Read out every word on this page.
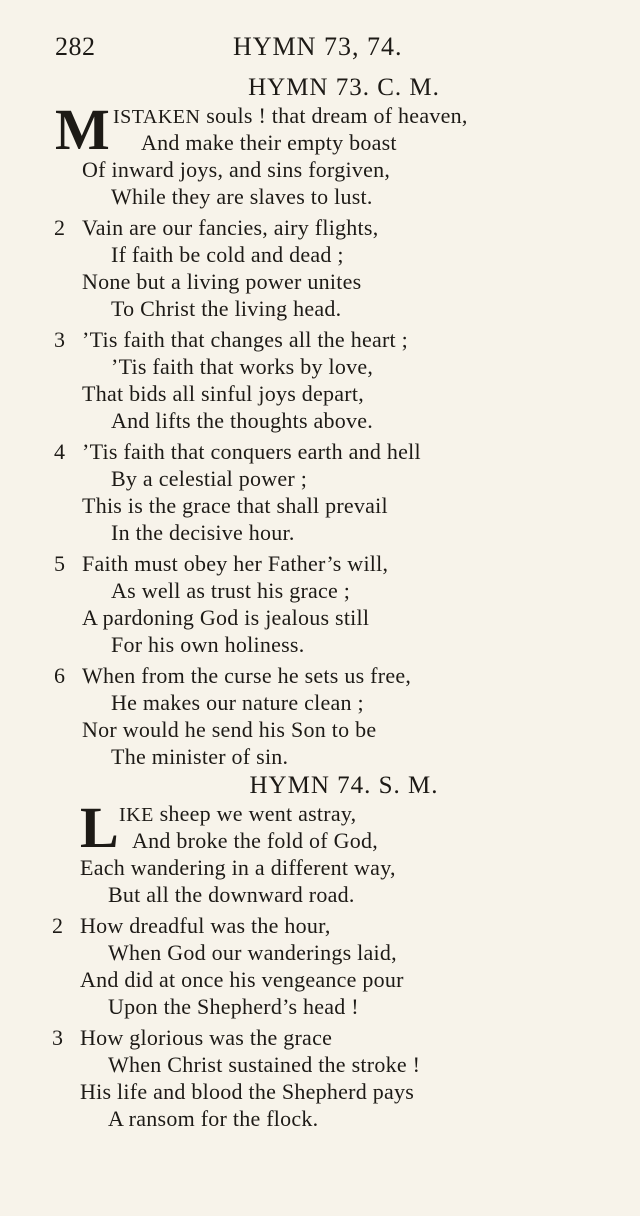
282	HYMN 73, 74.
HYMN 73. C. M.
M ISTAKEN souls ! that dream of heaven,
And make their empty boast
Of inward joys, and sins forgiven,
While they are slaves to lust.
2 Vain are our fancies, airy flights,
If faith be cold and dead ;
None but a living power unites
To Christ the living head.
3 ’Tis faith that changes all the heart ;
’Tis faith that works by love,
That bids all sinful joys depart,
And lifts the thoughts above.
4 ’Tis faith that conquers earth and hell
By a celestial power ;
This is the grace that shall prevail
In the decisive hour.
5 Faith must obey her Father’s will,
As well as trust his grace ;
A pardoning God is jealous still
For his own holiness.
6 When from the curse he sets us free,
He makes our nature clean ;
Nor would he send his Son to be
The minister of sin.
HYMN 74. S. M.
L IKE sheep we went astray,
And broke the fold of God,
Each wandering in a different way,
But all the downward road.
2 How dreadful was the hour,
When God our wanderings laid,
And did at once his vengeance pour
Upon the Shepherd’s head !
3 How glorious was the grace
When Christ sustained the stroke !
His life and blood the Shepherd pays
A ransom for the flock.
